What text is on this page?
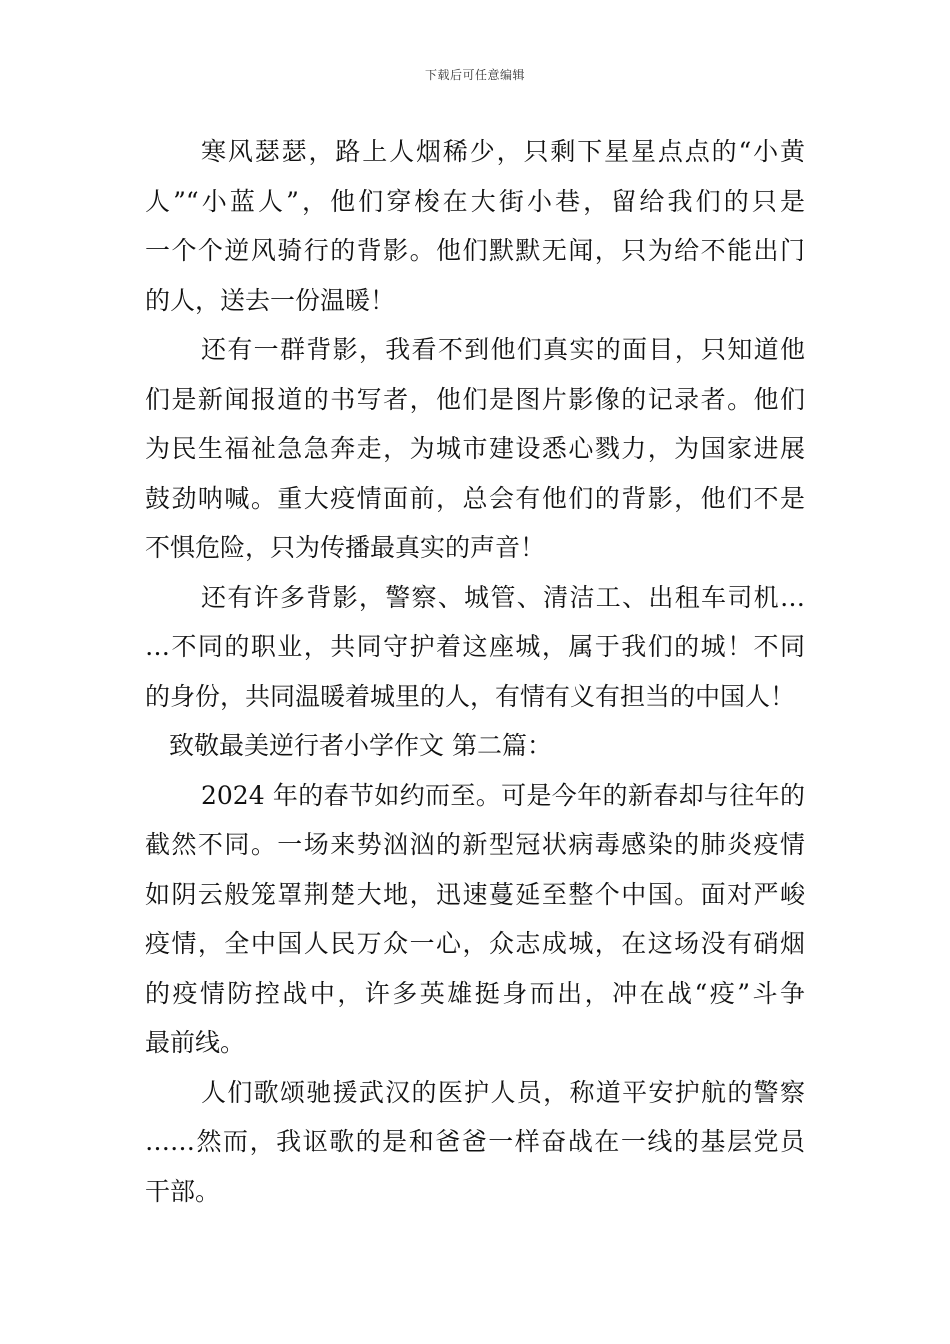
下载后可任意编辑
寒风瑟瑟，路上人烟稀少，只剩下星星点点的“小黄
人”“小蓝人”，他们穿梭在大街小巷，留给我们的只是
一个个逆风骑行的背影。他们默默无闻，只为给不能出门
的人，送去一份温暖！
还有一群背影，我看不到他们真实的面目，只知道他
们是新闻报道的书写者，他们是图片影像的记录者。他们
为民生福祉急急奔走，为城市建设悉心戮力，为国家进展
鼓劲呐喊。重大疫情面前，总会有他们的背影，他们不是
不惧危险，只为传播最真实的声音！
还有许多背影，警察、城管、清洁工、出租车司机…
…不同的职业，共同守护着这座城，属于我们的城！不同
的身份，共同温暖着城里的人，有情有义有担当的中国人！
致敬最美逆行者小学作文 第二篇：
2024 年的春节如约而至。可是今年的新春却与往年的
截然不同。一场来势汹汹的新型冠状病毒感染的肺炎疫情
如阴云般笼罩荆楚大地，迅速蔓延至整个中国。面对严峻
疫情，全中国人民万众一心，众志成城，在这场没有硝烟
的疫情防控战中，许多英雄挺身而出，冲在战“疫”斗争
最前线。
人们歌颂驰援武汉的医护人员，称道平安护航的警察
……然而，我讴歌的是和爸爸一样奋战在一线的基层党员
干部。
